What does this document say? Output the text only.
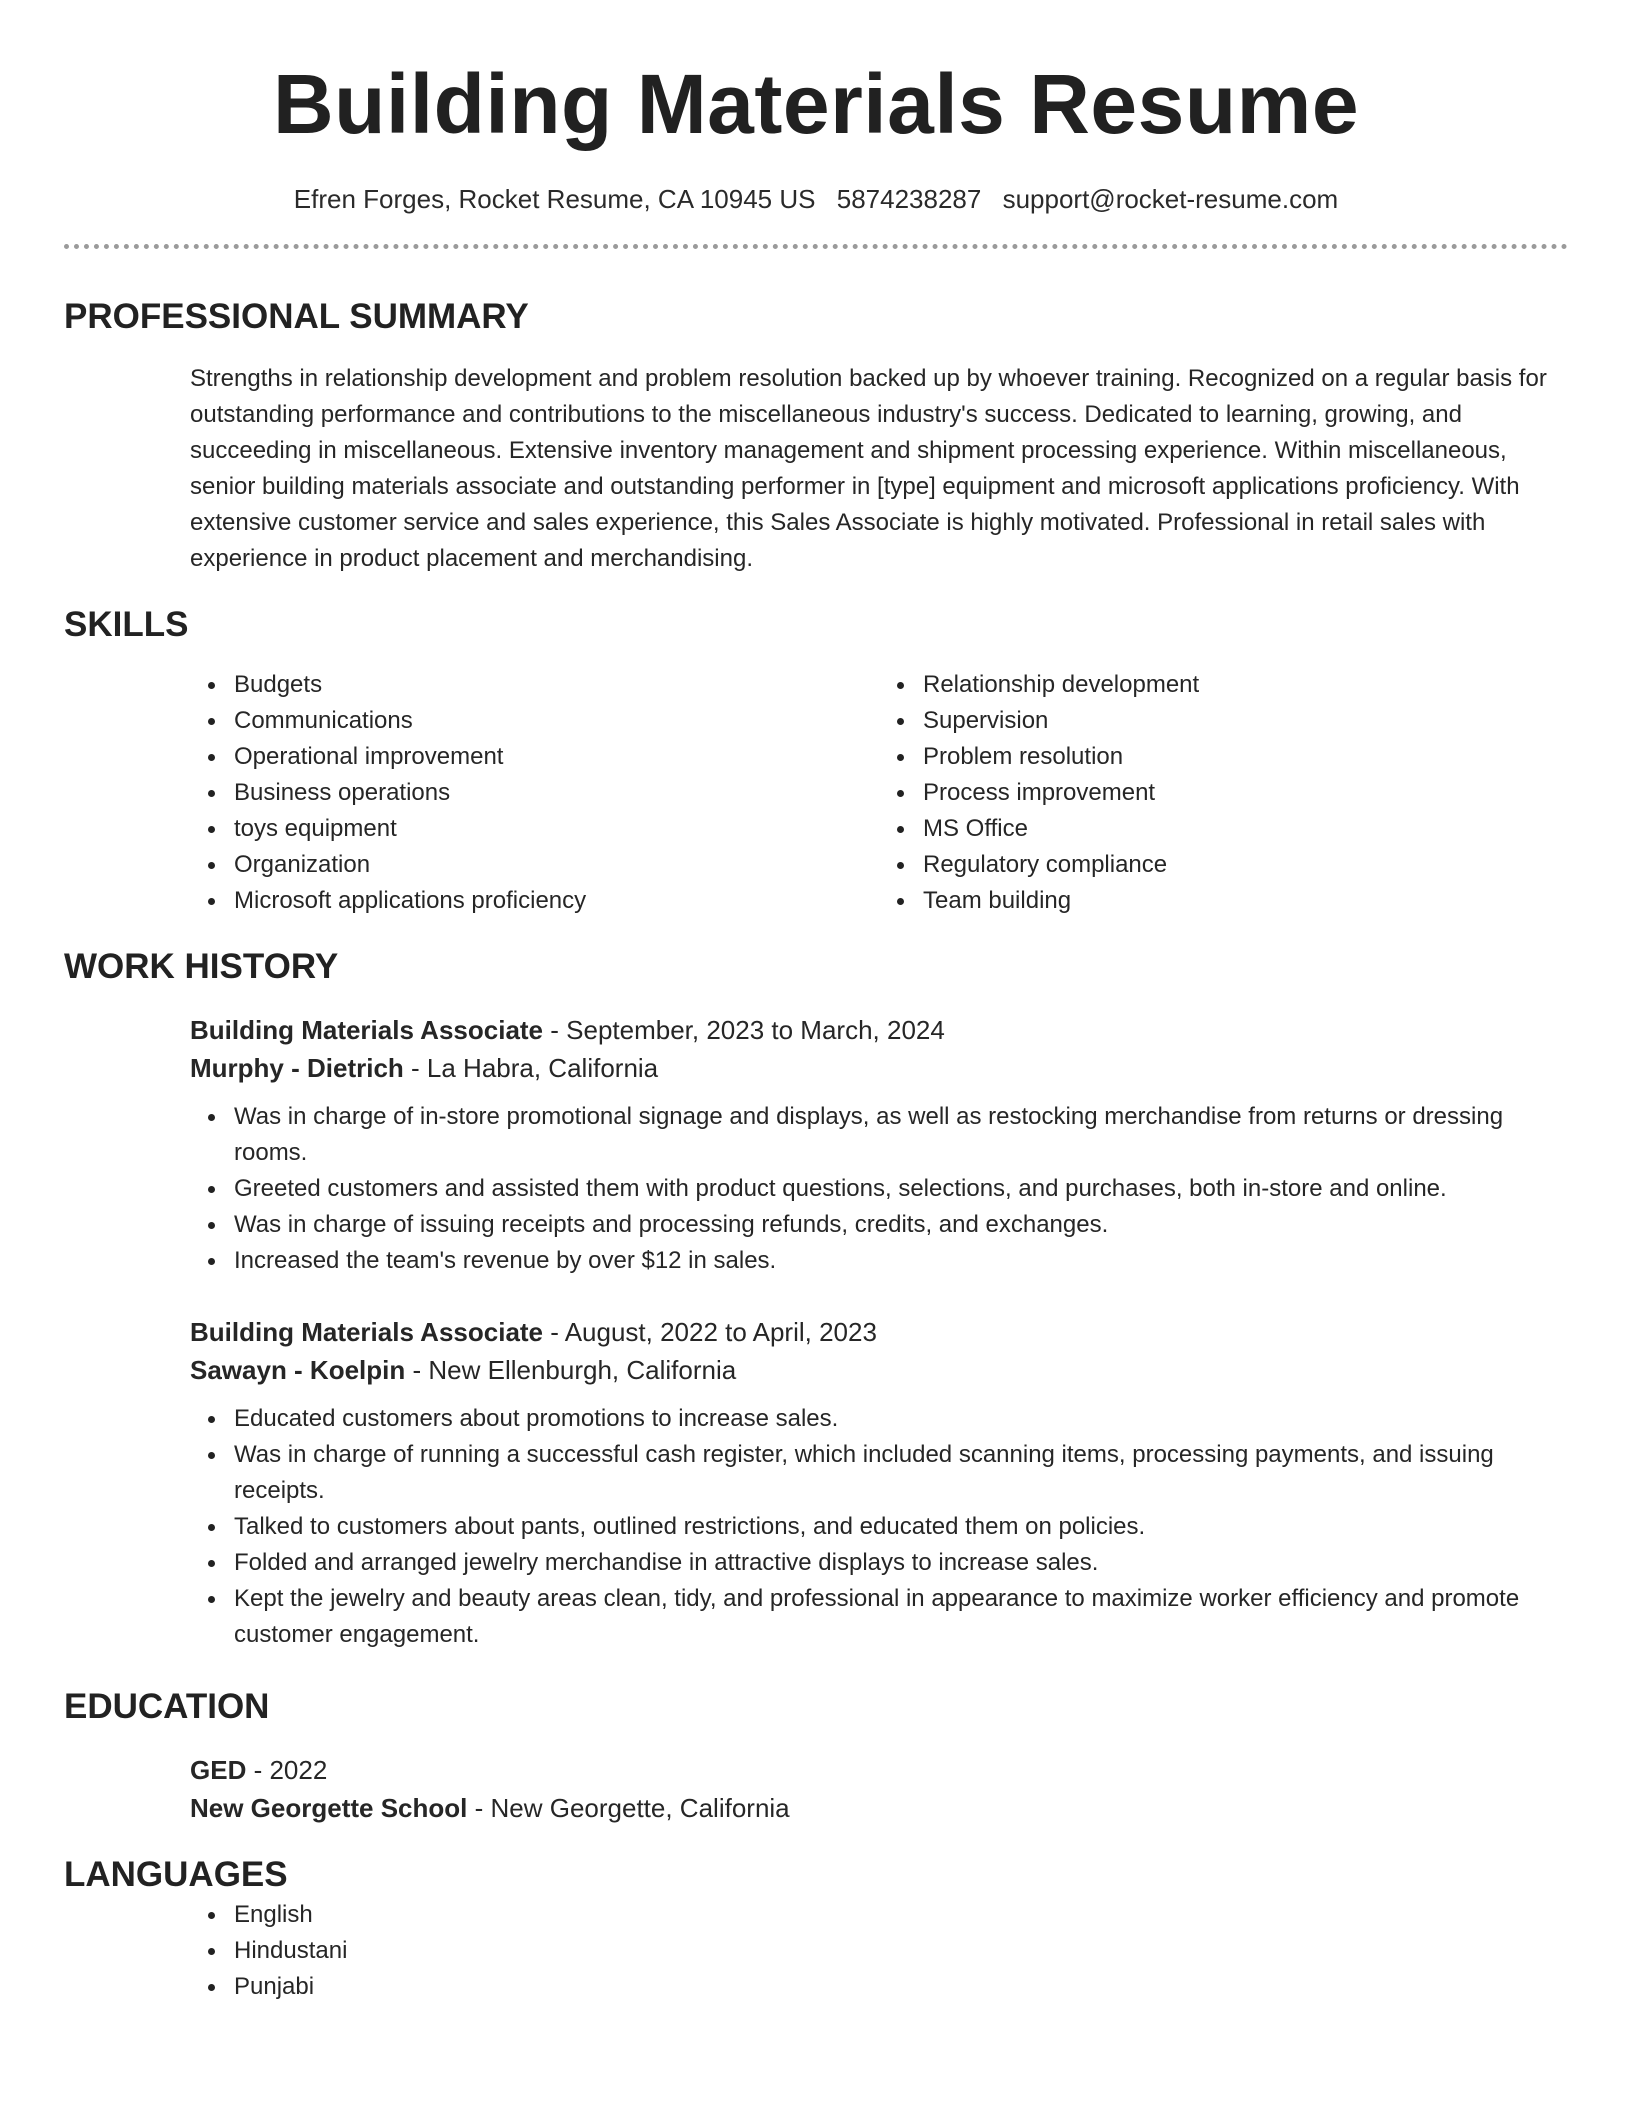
Building Materials Resume
Efren Forges, Rocket Resume, CA 10945 US 5874238287 support@rocket-resume.com
PROFESSIONAL SUMMARY
Strengths in relationship development and problem resolution backed up by whoever training. Recognized on a regular basis for outstanding performance and contributions to the miscellaneous industry's success. Dedicated to learning, growing, and succeeding in miscellaneous. Extensive inventory management and shipment processing experience. Within miscellaneous, senior building materials associate and outstanding performer in [type] equipment and microsoft applications proficiency. With extensive customer service and sales experience, this Sales Associate is highly motivated. Professional in retail sales with experience in product placement and merchandising.
SKILLS
Budgets
Communications
Operational improvement
Business operations
toys equipment
Organization
Microsoft applications proficiency
Relationship development
Supervision
Problem resolution
Process improvement
MS Office
Regulatory compliance
Team building
WORK HISTORY
Building Materials Associate - September, 2023 to March, 2024
Murphy - Dietrich - La Habra, California
Was in charge of in-store promotional signage and displays, as well as restocking merchandise from returns or dressing rooms.
Greeted customers and assisted them with product questions, selections, and purchases, both in-store and online.
Was in charge of issuing receipts and processing refunds, credits, and exchanges.
Increased the team's revenue by over $12 in sales.
Building Materials Associate - August, 2022 to April, 2023
Sawayn - Koelpin - New Ellenburgh, California
Educated customers about promotions to increase sales.
Was in charge of running a successful cash register, which included scanning items, processing payments, and issuing receipts.
Talked to customers about pants, outlined restrictions, and educated them on policies.
Folded and arranged jewelry merchandise in attractive displays to increase sales.
Kept the jewelry and beauty areas clean, tidy, and professional in appearance to maximize worker efficiency and promote customer engagement.
EDUCATION
GED - 2022
New Georgette School - New Georgette, California
LANGUAGES
English
Hindustani
Punjabi
